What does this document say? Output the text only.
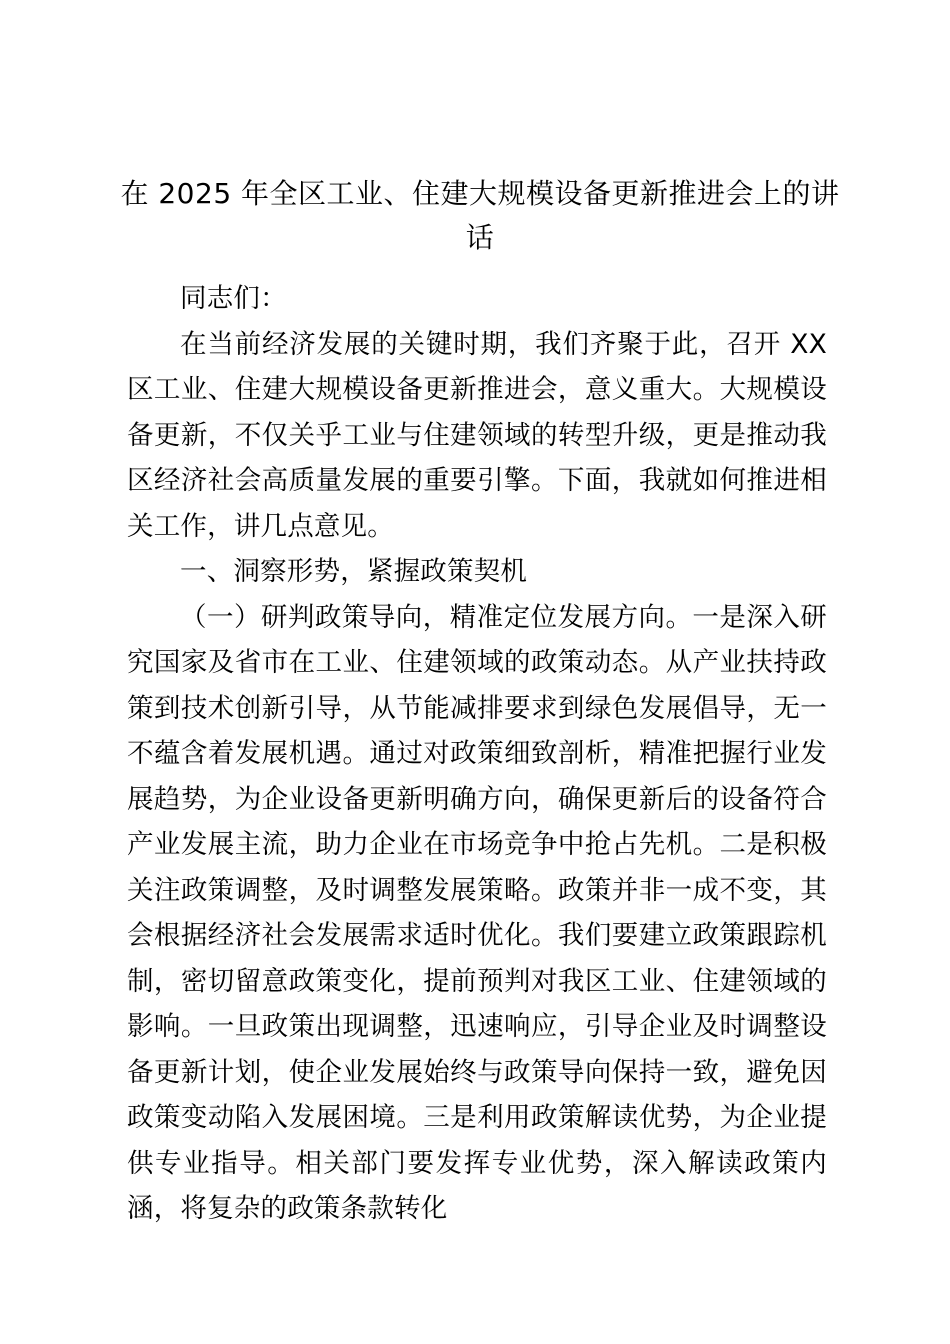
在 2025 年全区工业、住建大规模设备更新推进会上的讲话

同志们：

在当前经济发展的关键时期，我们齐聚于此，召开 XX 区工业、住建大规模设备更新推进会，意义重大。大规模设备更新，不仅关乎工业与住建领域的转型升级，更是推动我区经济社会高质量发展的重要引擎。下面，我就如何推进相关工作，讲几点意见。

一、洞察形势，紧握政策契机

（一）研判政策导向，精准定位发展方向。一是深入研究国家及省市在工业、住建领域的政策动态。从产业扶持政策到技术创新引导，从节能减排要求到绿色发展倡导，无一不蕴含着发展机遇。通过对政策细致剖析，精准把握行业发展趋势，为企业设备更新明确方向，确保更新后的设备符合产业发展主流，助力企业在市场竞争中抢占先机。二是积极关注政策调整，及时调整发展策略。政策并非一成不变，其会根据经济社会发展需求适时优化。我们要建立政策跟踪机制，密切留意政策变化，提前预判对我区工业、住建领域的影响。一旦政策出现调整，迅速响应，引导企业及时调整设备更新计划，使企业发展始终与政策导向保持一致，避免因政策变动陷入发展困境。三是利用政策解读优势，为企业提供专业指导。相关部门要发挥专业优势，深入解读政策内涵，将复杂的政策条款转化
